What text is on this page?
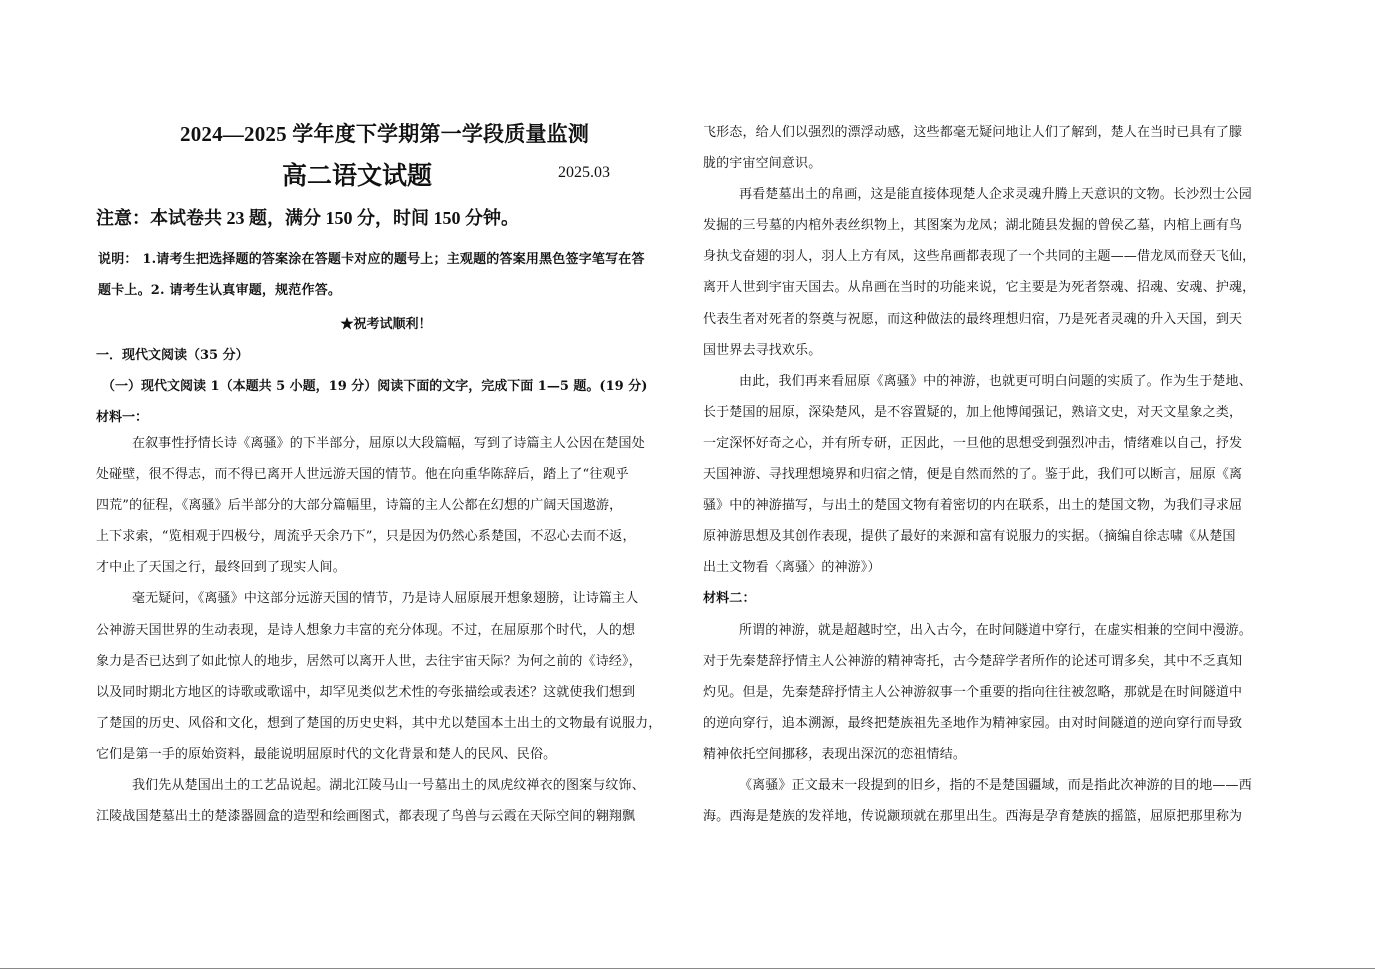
2024—2025 学年度下学期第一学段质量监测
高二语文试题	2025.03
注意：本试卷共 23 题，满分 150 分，时间 150 分钟。

说明： 1.请考生把选择题的答案涂在答题卡对应的题号上；主观题的答案用黑色签字笔写在答

题卡上。2. 请考生认真审题，规范作答。

★祝考试顺利！
一．现代文阅读（35 分）
（一）现代文阅读 1（本题共 5 小题，19 分）阅读下面的文字，完成下面 1—5 题。(19 分)
材料一：

在叙事性抒情长诗《离骚》的下半部分，屈原以大段篇幅，写到了诗篇主人公因在楚国处

处碰壁，很不得志，而不得已离开人世远游天国的情节。他在向重华陈辞后，踏上了“往观乎

四荒”的征程，《离骚》后半部分的大部分篇幅里，诗篇的主人公都在幻想的广阔天国遨游，

上下求索，“览相观于四极兮，周流乎天余乃下”，只是因为仍然心系楚国，不忍心去而不返，

才中止了天国之行，最终回到了现实人间。

毫无疑问，《离骚》中这部分远游天国的情节，乃是诗人屈原展开想象翅膀，让诗篇主人

公神游天国世界的生动表现，是诗人想象力丰富的充分体现。不过，在屈原那个时代，人的想

象力是否已达到了如此惊人的地步，居然可以离开人世，去往宇宙天际？为何之前的《诗经》，

以及同时期北方地区的诗歌或歌谣中，却罕见类似艺术性的夸张描绘或表述？这就使我们想到

了楚国的历史、风俗和文化，想到了楚国的历史史料，其中尤以楚国本土出土的文物最有说服力，

它们是第一手的原始资料，最能说明屈原时代的文化背景和楚人的民风、民俗。

我们先从楚国出土的工艺品说起。湖北江陵马山一号墓出土的凤虎纹禅衣的图案与纹饰、

江陵战国楚墓出土的楚漆器圆盒的造型和绘画图式，都表现了鸟兽与云霞在天际空间的翱翔飘

飞形态，给人们以强烈的漂浮动感，这些都毫无疑问地让人们了解到，楚人在当时已具有了朦

胧的宇宙空间意识。

再看楚墓出土的帛画，这是能直接体现楚人企求灵魂升腾上天意识的文物。长沙烈士公园

发掘的三号墓的内棺外表丝织物上，其图案为龙凤；湖北随县发掘的曾侯乙墓，内棺上画有鸟

身执戈奋翅的羽人，羽人上方有凤，这些帛画都表现了一个共同的主题——借龙凤而登天飞仙，

离开人世到宇宙天国去。从帛画在当时的功能来说，它主要是为死者祭魂、招魂、安魂、护魂，

代表生者对死者的祭奠与祝愿，而这种做法的最终理想归宿，乃是死者灵魂的升入天国，到天

国世界去寻找欢乐。

由此，我们再来看屈原《离骚》中的神游，也就更可明白问题的实质了。作为生于楚地、

长于楚国的屈原，深染楚风，是不容置疑的，加上他博闻强记，熟谙文史，对天文星象之类，

一定深怀好奇之心，并有所专研，正因此，一旦他的思想受到强烈冲击，情绪难以自己，抒发

天国神游、寻找理想境界和归宿之情，便是自然而然的了。鉴于此，我们可以断言，屈原《离

骚》中的神游描写，与出土的楚国文物有着密切的内在联系，出土的楚国文物，为我们寻求屈

原神游思想及其创作表现，提供了最好的来源和富有说服力的实据。（摘编自徐志啸《从楚国

出土文物看〈离骚〉的神游》）

材料二：

所谓的神游，就是超越时空，出入古今，在时间隧道中穿行，在虚实相兼的空间中漫游。

对于先秦楚辞抒情主人公神游的精神寄托，古今楚辞学者所作的论述可谓多矣，其中不乏真知

灼见。但是，先秦楚辞抒情主人公神游叙事一个重要的指向往往被忽略，那就是在时间隧道中

的逆向穿行，追本溯源，最终把楚族祖先圣地作为精神家园。由对时间隧道的逆向穿行而导致

精神依托空间挪移，表现出深沉的恋祖情结。

《离骚》正文最末一段提到的旧乡，指的不是楚国疆域，而是指此次神游的目的地——西

海。西海是楚族的发祥地，传说颛顼就在那里出生。西海是孕育楚族的摇篮，屈原把那里称为
